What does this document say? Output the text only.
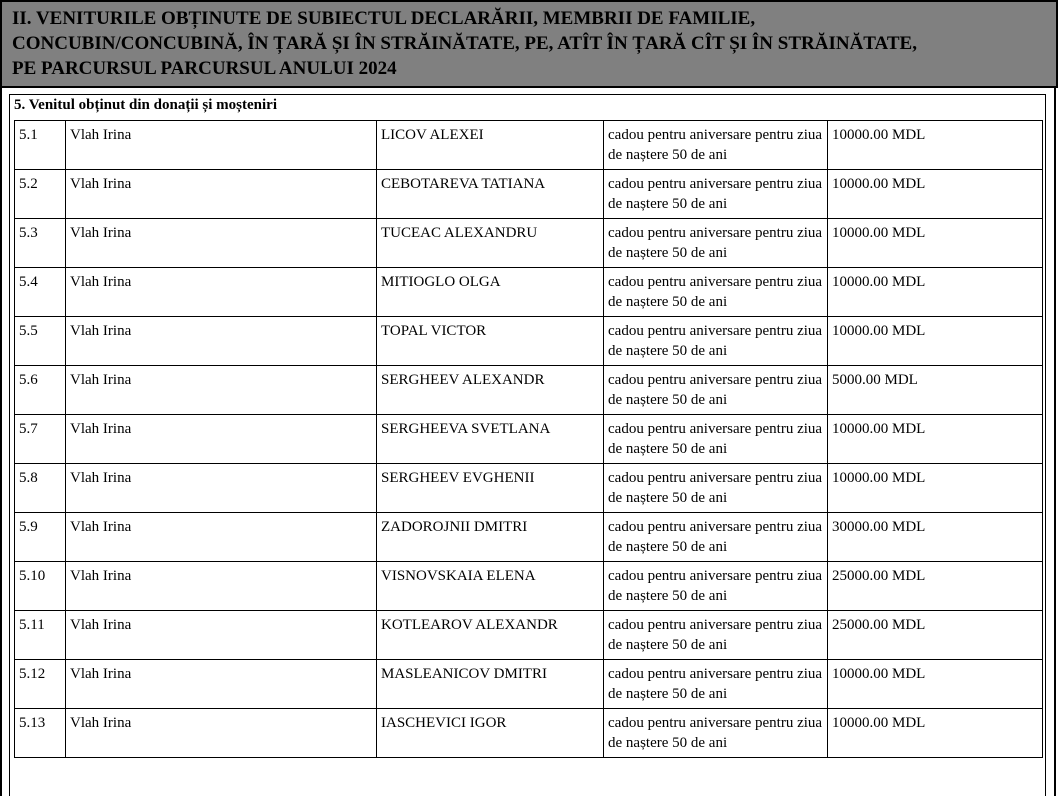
II. VENITURILE OBȚINUTE DE SUBIECTUL DECLARĂRII, MEMBRII DE FAMILIE,
CONCUBIN/CONCUBINĂ, ÎN ȚARĂ ȘI ÎN STRĂINĂTATE, PE, ATÎT ÎN ȚARĂ CÎT ȘI ÎN STRĂINĂTATE,
PE PARCURSUL PARCURSUL ANULUI 2024
5. Venitul obținut din donații și moșteniri
5.1	Vlah Irina	LICOV ALEXEI	cadou pentru aniversare pentru ziua de naștere 50 de ani	10000.00 MDL
5.2	Vlah Irina	CEBOTAREVA TATIANA	cadou pentru aniversare pentru ziua de naștere 50 de ani	10000.00 MDL
5.3	Vlah Irina	TUCEAC ALEXANDRU	cadou pentru aniversare pentru ziua de naștere 50 de ani	10000.00 MDL
5.4	Vlah Irina	MITIOGLO OLGA	cadou pentru aniversare pentru ziua de naștere 50 de ani	10000.00 MDL
5.5	Vlah Irina	TOPAL VICTOR	cadou pentru aniversare pentru ziua de naștere 50 de ani	10000.00 MDL
5.6	Vlah Irina	SERGHEEV ALEXANDR	cadou pentru aniversare pentru ziua de naștere 50 de ani	5000.00 MDL
5.7	Vlah Irina	SERGHEEVA SVETLANA	cadou pentru aniversare pentru ziua de naștere 50 de ani	10000.00 MDL
5.8	Vlah Irina	SERGHEEV EVGHENII	cadou pentru aniversare pentru ziua de naștere 50 de ani	10000.00 MDL
5.9	Vlah Irina	ZADOROJNII DMITRI	cadou pentru aniversare pentru ziua de naștere 50 de ani	30000.00 MDL
5.10	Vlah Irina	VISNOVSKAIA ELENA	cadou pentru aniversare pentru ziua de naștere 50 de ani	25000.00 MDL
5.11	Vlah Irina	KOTLEAROV ALEXANDR	cadou pentru aniversare pentru ziua de naștere 50 de ani	25000.00 MDL
5.12	Vlah Irina	MASLEANICOV DMITRI	cadou pentru aniversare pentru ziua de naștere 50 de ani	10000.00 MDL
5.13	Vlah Irina	IASCHEVICI IGOR	cadou pentru aniversare pentru ziua de naștere 50 de ani	10000.00 MDL
